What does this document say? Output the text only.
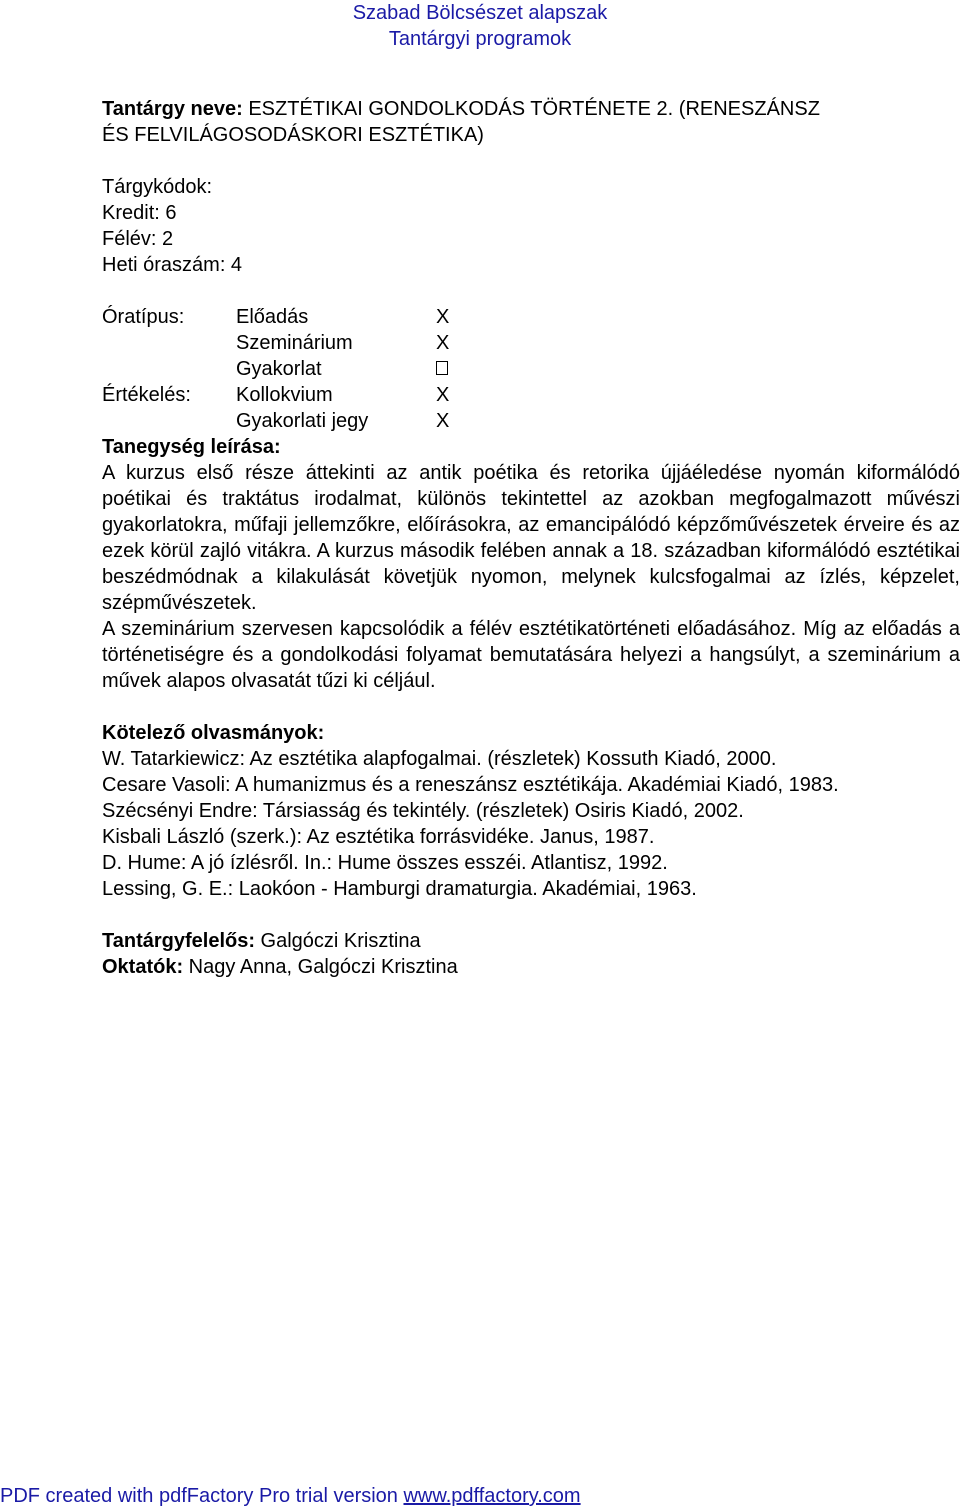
Szabad Bölcsészet alapszak
Tantárgyi programok
Tantárgy neve: ESZTÉTIKAI GONDOLKODÁS TÖRTÉNETE 2. (RENESZÁNSZ
ÉS FELVILÁGOSODÁSKORI ESZTÉTIKA)
Tárgykódok:
Kredit: 6
Félév: 2
Heti óraszám: 4
Óratípus:	Előadás	X
Szeminárium	X
Gyakorlat
Értékelés:	Kollokvium	X
Gyakorlati jegy	X
Tanegység leírása:

A kurzus első része áttekinti az antik poétika és retorika újjáéledése nyomán kiformálódó poétikai és traktátus irodalmat, különös tekintettel az azokban megfogalmazott művészi gyakorlatokra, műfaji jellemzőkre, előírásokra, az emancipálódó képzőművészetek érveire és az ezek körül zajló vitákra. A kurzus második felében annak a 18. században kiformálódó esztétikai beszédmódnak a kilakulását követjük nyomon, melynek kulcsfogalmai az ízlés, képzelet, szépművészetek.

A szeminárium szervesen kapcsolódik a félév esztétikatörténeti előadásához. Míg az előadás a történetiségre és a gondolkodási folyamat bemutatására helyezi a hangsúlyt, a szeminárium a művek alapos olvasatát tűzi ki céljául.

Kötelező olvasmányok:
W. Tatarkiewicz: Az esztétika alapfogalmai. (részletek) Kossuth Kiadó, 2000.
Cesare Vasoli: A humanizmus és a reneszánsz esztétikája. Akadémiai Kiadó, 1983.
Szécsényi Endre: Társiasság és tekintély. (részletek) Osiris Kiadó, 2002.
Kisbali László (szerk.): Az esztétika forrásvidéke. Janus, 1987.
D. Hume: A jó ízlésről. In.: Hume összes esszéi. Atlantisz, 1992.
Lessing, G. E.: Laokóon - Hamburgi dramaturgia. Akadémiai, 1963.
Tantárgyfelelős: Galgóczi Krisztina
Oktatók: Nagy Anna, Galgóczi Krisztina
PDF created with pdfFactory Pro trial version www.pdffactory.com
